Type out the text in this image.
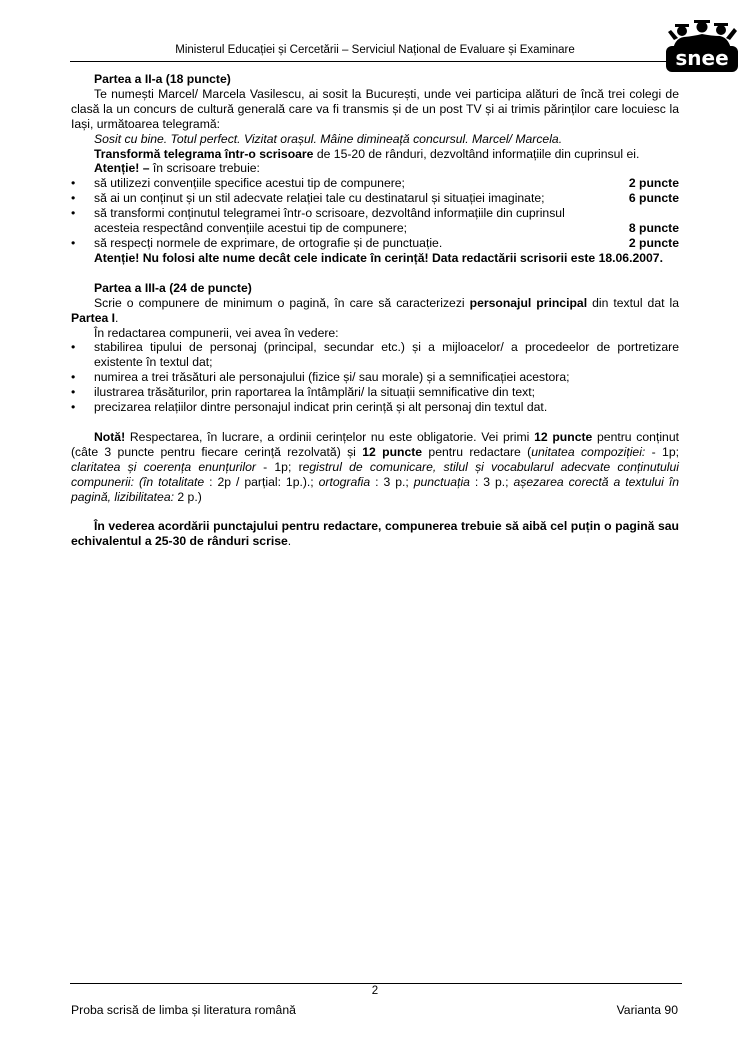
Ministerul Educației și Cercetării – Serviciul Național de Evaluare și Examinare	snee

Partea a II-a (18 puncte)

Te numești Marcel/ Marcela Vasilescu, ai sosit la București, unde vei participa alături de încă trei colegi de clasă la un concurs de cultură generală care va fi transmis și de un post TV și ai trimis părinților care locuiesc la Iași, următoarea telegramă:

Sosit cu bine. Totul perfect. Vizitat orașul. Mâine dimineață concursul. Marcel/ Marcela.

Transformă telegrama într-o scrisoare de 15-20 de rânduri, dezvoltând informațiile din cuprinsul ei.

Atenție! – în scrisoare trebuie:

• să utilizezi convențiile specifice acestui tip de compunere;	2 puncte
• să ai un conținut și un stil adecvate relației tale cu destinatarul și situației imaginate;	6 puncte
• să transformi conținutul telegramei într-o scrisoare, dezvoltând informațiile din cuprinsul
acesteia respectând convențiile acestui tip de compunere;	8 puncte
• să respecți normele de exprimare, de ortografie și de punctuație.	2 puncte

Atenție! Nu folosi alte nume decât cele indicate în cerință! Data redactării scrisorii este 18.06.2007.

Partea a III-a (24 de puncte)

Scrie o compunere de minimum o pagină, în care să caracterizezi personajul principal din textul dat la Partea I.

În redactarea compunerii, vei avea în vedere:

• stabilirea tipului de personaj (principal, secundar etc.) și a mijloacelor/ a procedeelor de portretizare existente în textul dat;
• numirea a trei trăsături ale personajului (fizice și/ sau morale) și a semnificației acestora;
• ilustrarea trăsăturilor, prin raportarea la întâmplări/ la situații semnificative din text;
• precizarea relațiilor dintre personajul indicat prin cerință și alt personaj din textul dat.

Notă! Respectarea, în lucrare, a ordinii cerințelor nu este obligatorie. Vei primi 12 puncte pentru conținut (câte 3 puncte pentru fiecare cerință rezolvată) și 12 puncte pentru redactare (unitatea compoziției: - 1p; claritatea și coerența enunțurilor - 1p; registrul de comunicare, stilul și vocabularul adecvate conținutului compunerii: (în totalitate : 2p / parțial: 1p.).; ortografia : 3 p.; punctuația : 3 p.; așezarea corectă a textului în pagină, lizibilitatea: 2 p.)

În vederea acordării punctajului pentru redactare, compunerea trebuie să aibă cel puțin o pagină sau echivalentul a 25-30 de rânduri scrise.

2
Proba scrisă de limba și literatura română	Varianta 90
